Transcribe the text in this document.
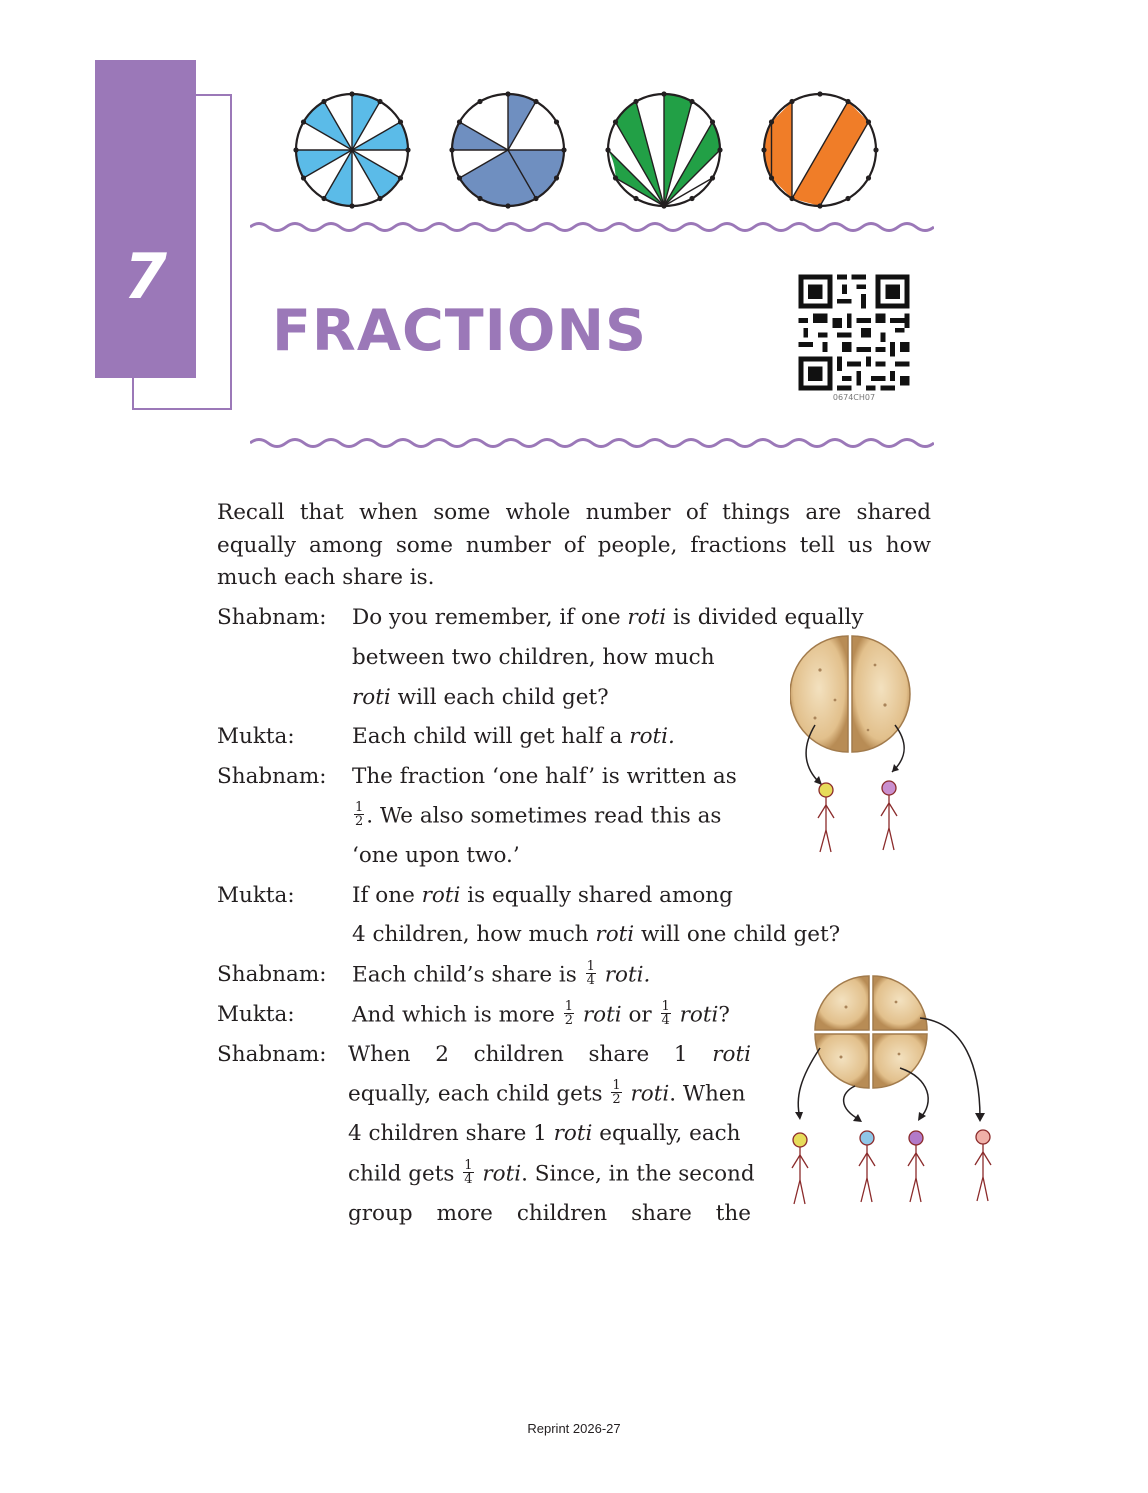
7
FRACTIONS
0674CH07
Recall that when some whole number of things are shared equally among some number of people, fractions tell us how much each share is.
Shabnam: Do you remember, if one roti is divided equally
between two children, how much
roti will each child get?
Mukta:	Each child will get half a roti.
Shabnam: The fraction ‘one half’ is written as
$\frac{1}{2}$ . We also sometimes read this as
‘one upon two.’
Mukta:	If one roti is equally shared among
4 children, how much roti will one child get?
Shabnam: Each child’s share is $\frac{1}{4}$ roti.
Mukta:	And which is more $\frac{1}{2}$ roti or $\frac{1}{4}$ roti?
Shabnam: When 2 children share 1 roti
equally, each child gets $\frac{1}{2}$ roti. When
4 children share 1 roti equally, each
child gets $\frac{1}{4}$ roti. Since, in the second
group more children share the
Reprint 2026-27
